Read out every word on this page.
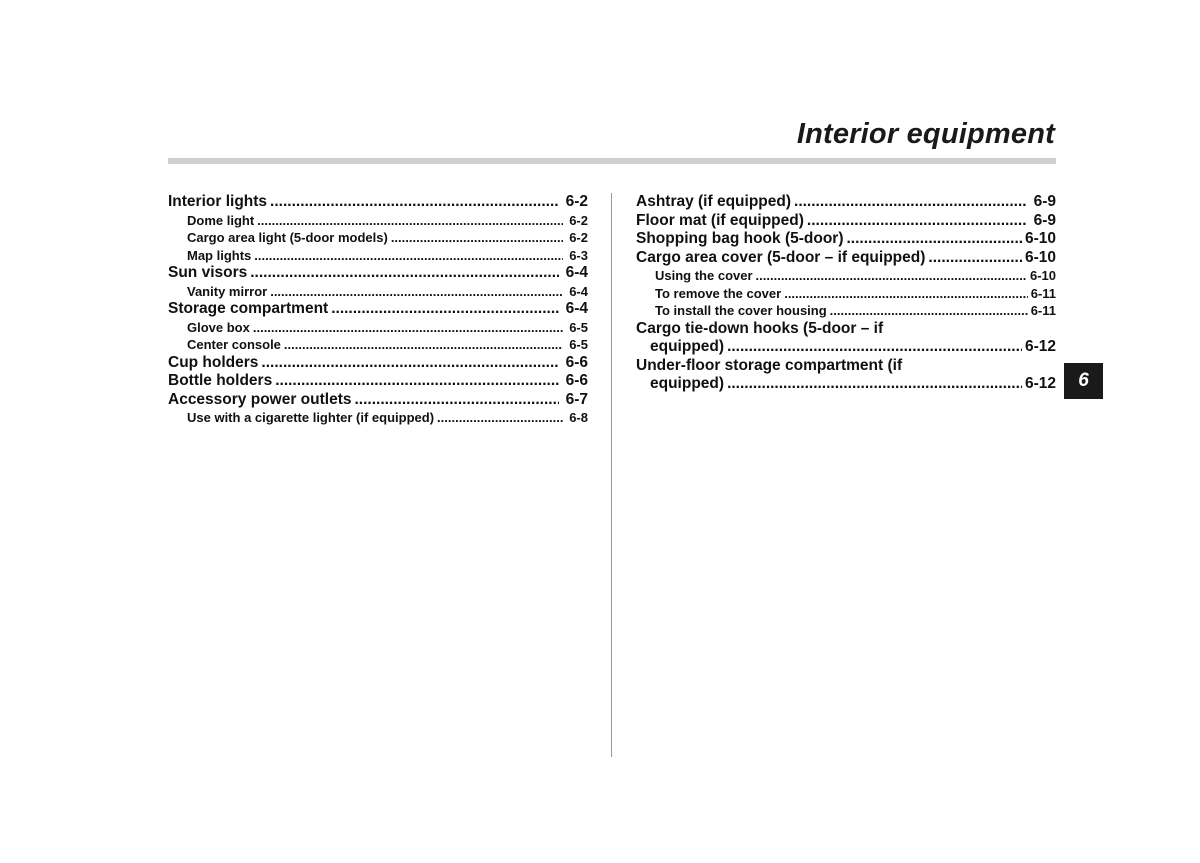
Interior equipment
Interior lights .....	6-2
Dome light .....	6-2
Cargo area light (5-door models) .....	6-2
Map lights .....	6-3
Sun visors .....	6-4
Vanity mirror .....	6-4
Storage compartment .....	6-4
Glove box .....	6-5
Center console .....	6-5
Cup holders .....	6-6
Bottle holders .....	6-6
Accessory power outlets .....	6-7
Use with a cigarette lighter (if equipped) .....	6-8
Ashtray (if equipped) .....	6-9
Floor mat (if equipped) .....	6-9
Shopping bag hook (5-door) .....	6-10
Cargo area cover (5-door – if equipped) .....	6-10
Using the cover .....	6-10
To remove the cover .....	6-11
To install the cover housing .....	6-11
Cargo tie-down hooks (5-door – if
equipped) .....	6-12
Under-floor storage compartment (if
equipped) .....	6-12	6
